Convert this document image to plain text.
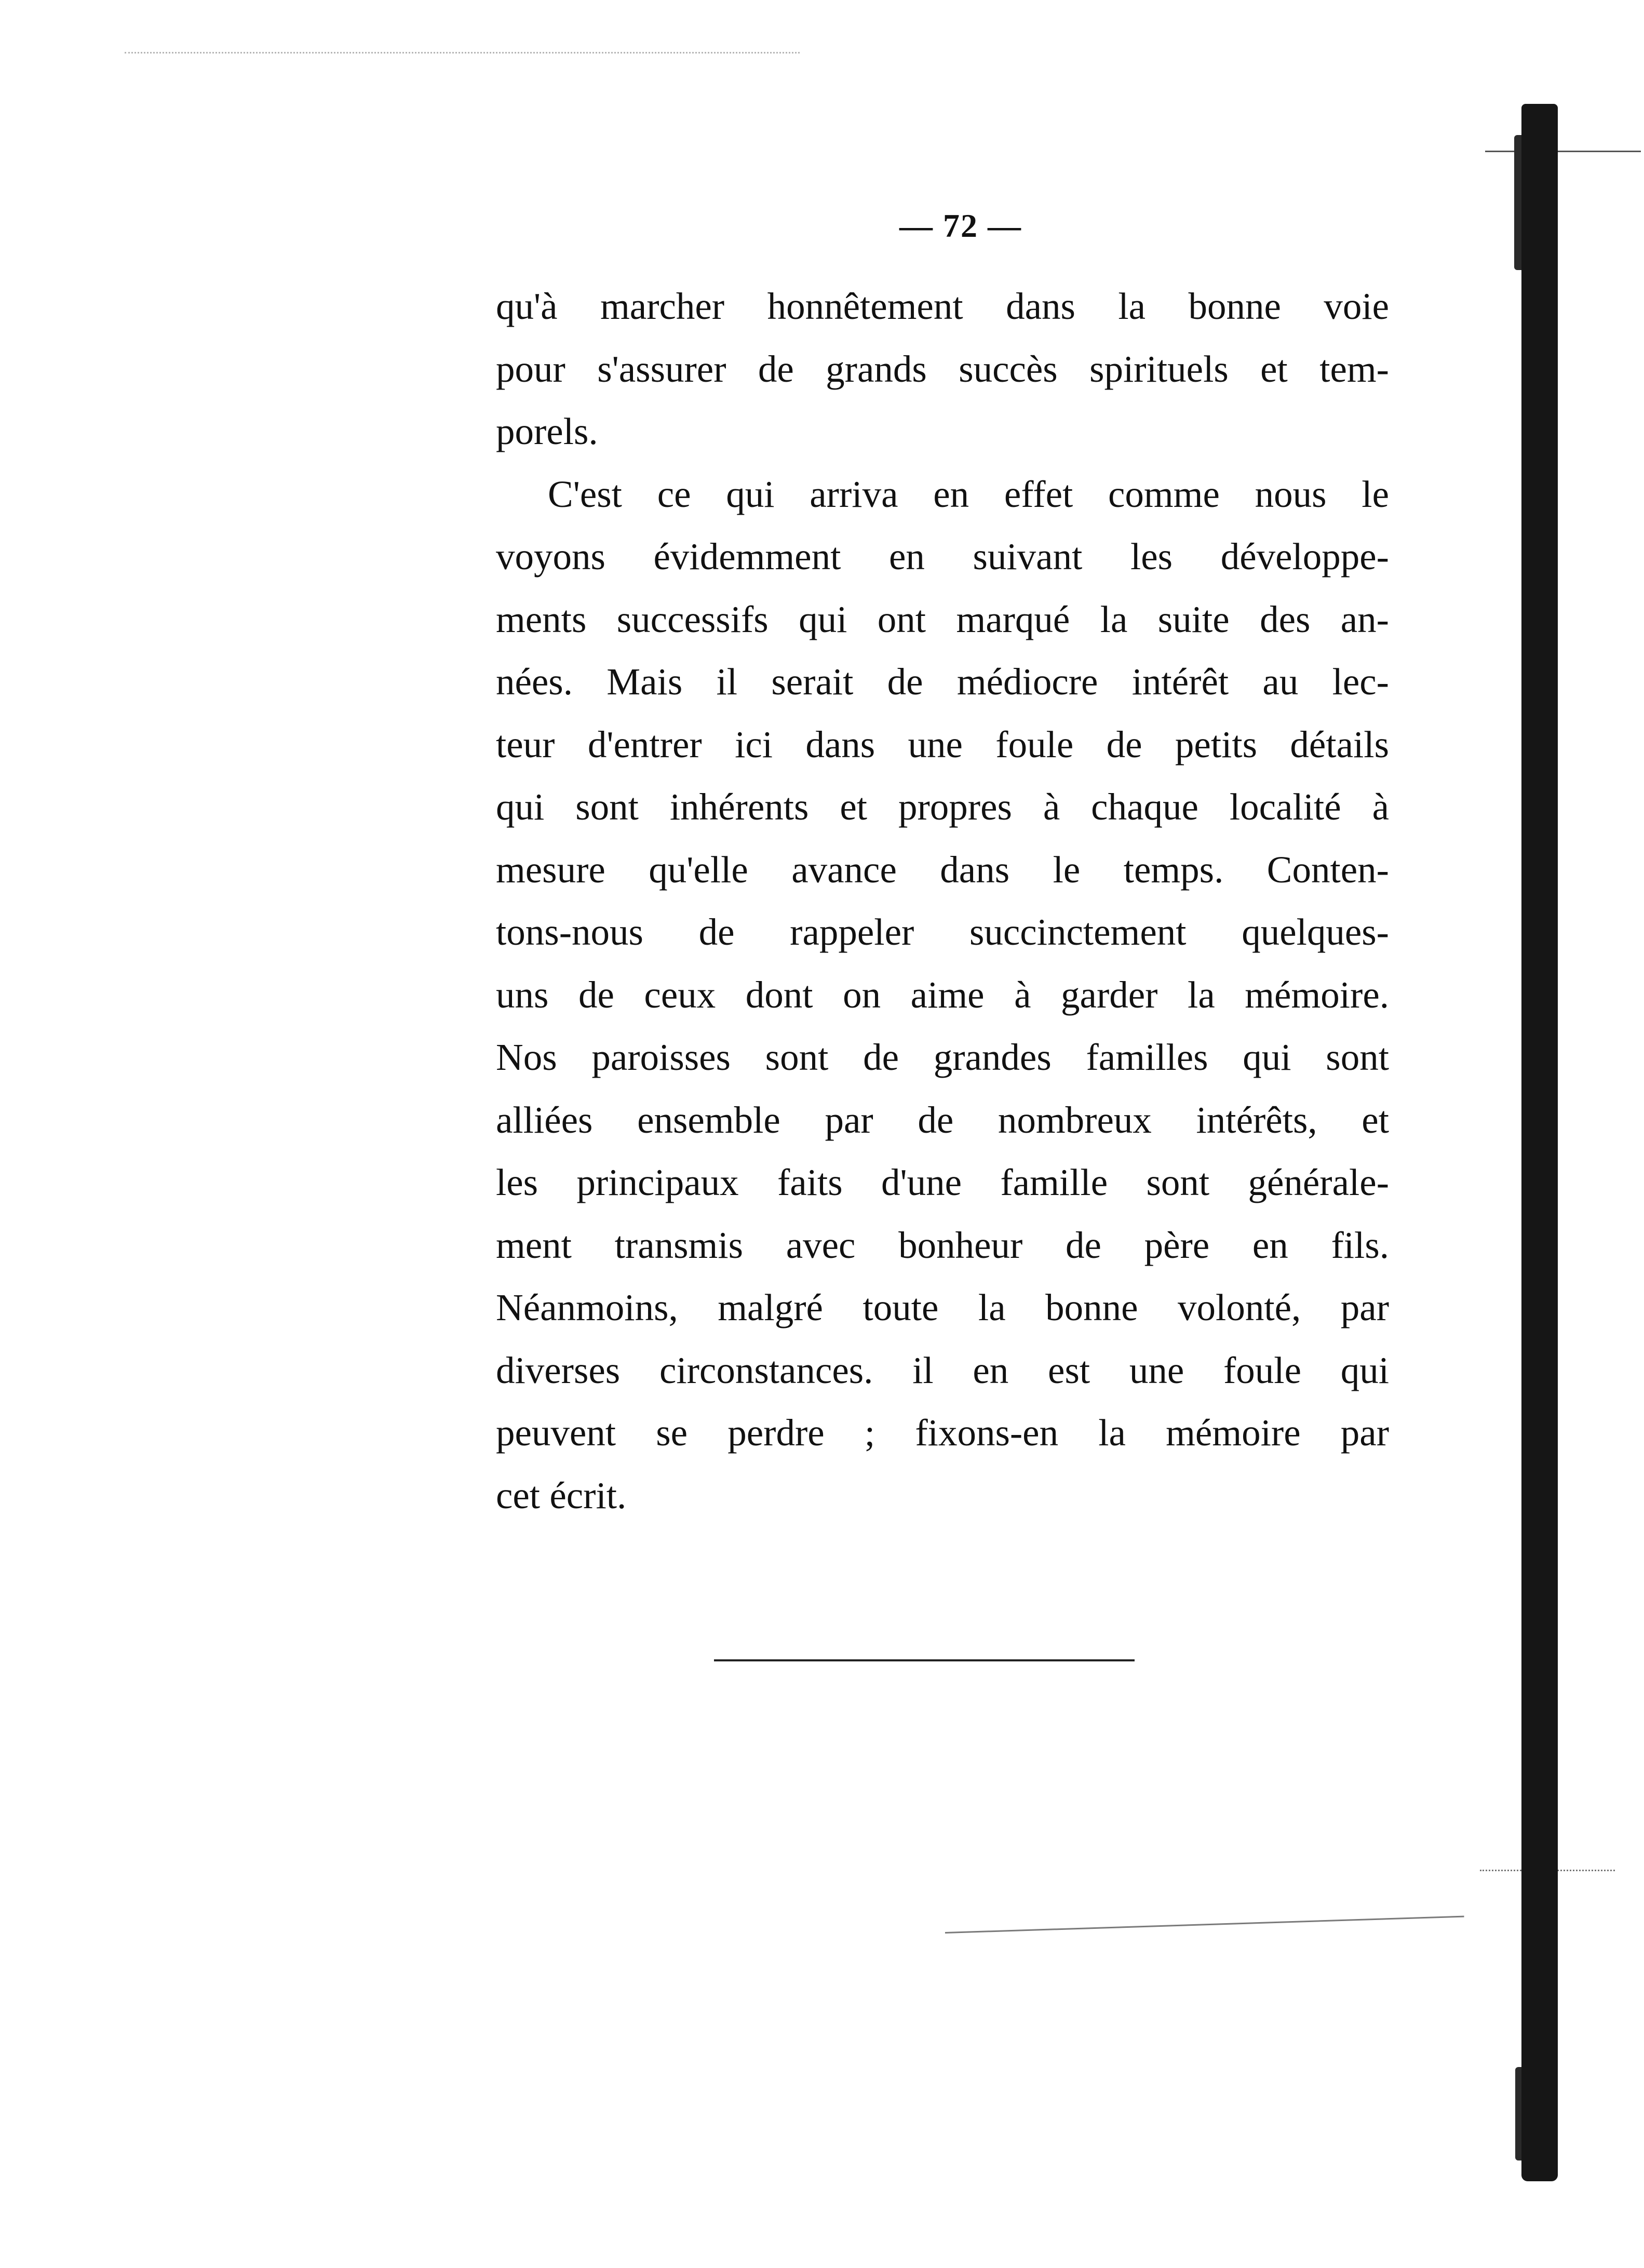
— 72 —
qu'à marcher honnêtement dans la bonne voie
pour s'assurer de grands succès spirituels et tem-
porels.
C'est ce qui arriva en effet comme nous le
voyons évidemment en suivant les développe-
ments successifs qui ont marqué la suite des an-
nées. Mais il serait de médiocre intérêt au lec-
teur d'entrer ici dans une foule de petits détails
qui sont inhérents et propres à chaque localité à
mesure qu'elle avance dans le temps. Conten-
tons-nous de rappeler succinctement quelques-
uns de ceux dont on aime à garder la mémoire.
Nos paroisses sont de grandes familles qui sont
alliées ensemble par de nombreux intérêts, et
les principaux faits d'une famille sont générale-
ment transmis avec bonheur de père en fils.
Néanmoins, malgré toute la bonne volonté, par
diverses circonstances. il en est une foule qui
peuvent se perdre ; fixons-en la mémoire par
cet écrit.
